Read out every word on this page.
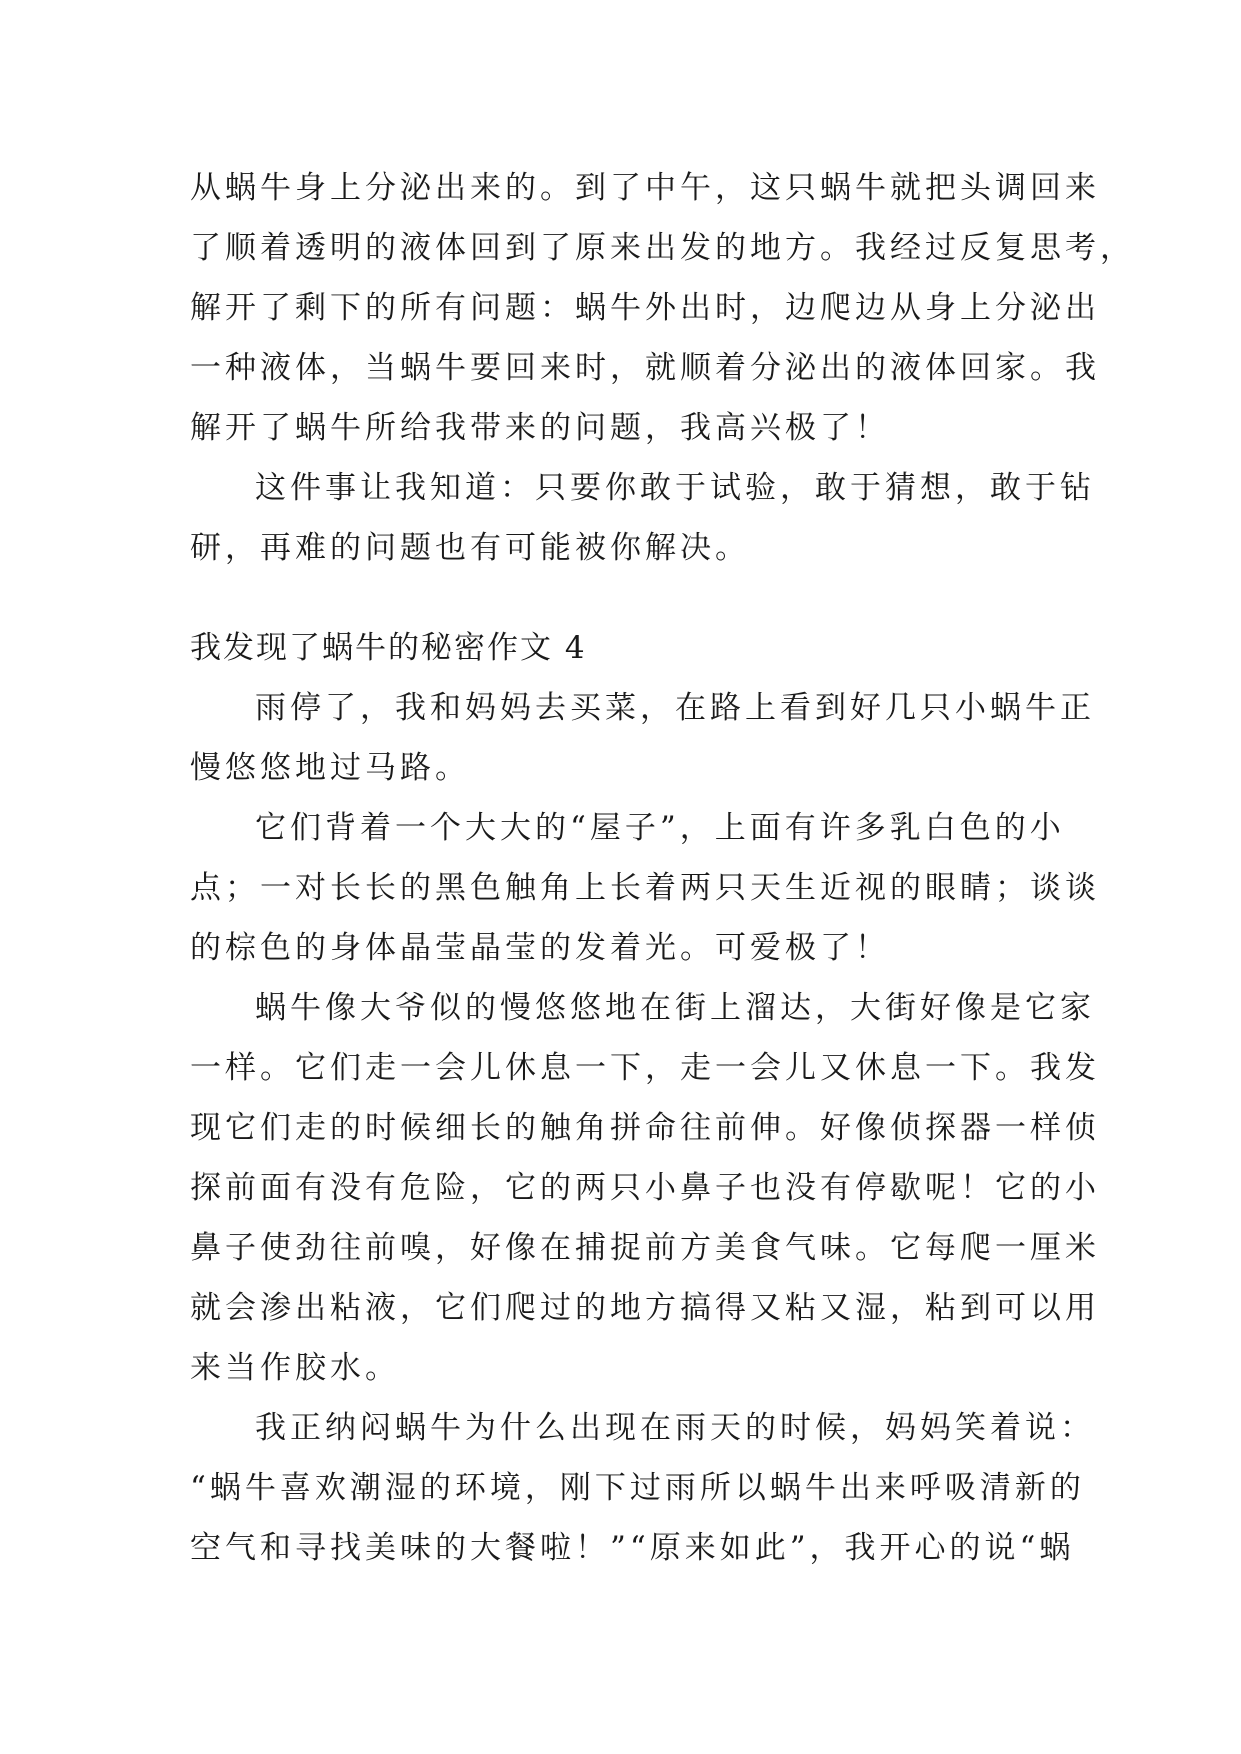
从蜗牛身上分泌出来的。到了中午，这只蜗牛就把头调回来
了顺着透明的液体回到了原来出发的地方。我经过反复思考，
解开了剩下的所有问题：蜗牛外出时，边爬边从身上分泌出
一种液体，当蜗牛要回来时，就顺着分泌出的液体回家。我
解开了蜗牛所给我带来的问题，我高兴极了！
这件事让我知道：只要你敢于试验，敢于猜想，敢于钻
研，再难的问题也有可能被你解决。
我发现了蜗牛的秘密作文 4
雨停了，我和妈妈去买菜，在路上看到好几只小蜗牛正
慢悠悠地过马路。
它们背着一个大大的“屋子”，上面有许多乳白色的小
点；一对长长的黑色触角上长着两只天生近视的眼睛；谈谈
的棕色的身体晶莹晶莹的发着光。可爱极了！
蜗牛像大爷似的慢悠悠地在街上溜达，大街好像是它家
一样。它们走一会儿休息一下，走一会儿又休息一下。我发
现它们走的时候细长的触角拼命往前伸。好像侦探器一样侦
探前面有没有危险，它的两只小鼻子也没有停歇呢！它的小
鼻子使劲往前嗅，好像在捕捉前方美食气味。它每爬一厘米
就会渗出粘液，它们爬过的地方搞得又粘又湿，粘到可以用
来当作胶水。
我正纳闷蜗牛为什么出现在雨天的时候，妈妈笑着说：
“蜗牛喜欢潮湿的环境，刚下过雨所以蜗牛出来呼吸清新的
空气和寻找美味的大餐啦！”“原来如此”，我开心的说“蜗
